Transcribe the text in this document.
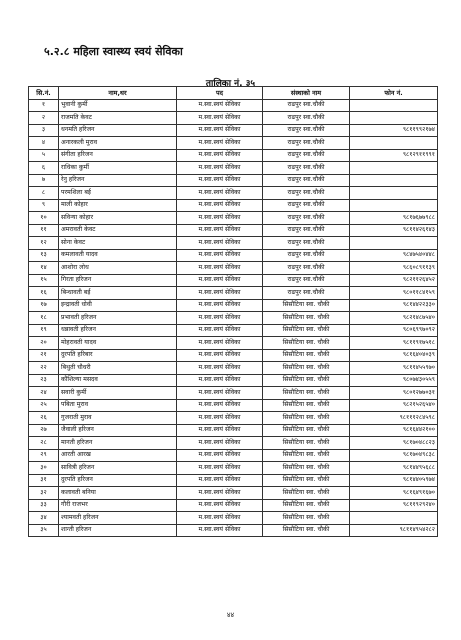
५.२.८ महिला स्वास्थ्य स्वयं सेविका
तालिका नं. ३५
सि.नं.	नाम,थर	पद	संस्थाको नाम	फोन नं.
१	भुवानी कुर्मी	म.स्वा.स्वयं सेविका	राढपुर स्वा.चौकी	
२	राजमति केवट	म.स्वा.स्वयं सेविका	राढपुर स्वा.चौकी	
३	धनमति हरिजन	म.स्वा.स्वयं सेविका	राढपुर स्वा.चौकी	९८११९९२१७४
४	अनारकली मुराव	म.स्वा.स्वयं सेविका	राढपुर स्वा.चौकी	
५	संगीता हरिजन	म.स्वा.स्वयं सेविका	राढपुर स्वा.चौकी	९८१२९११९९१
६	राधिका कुर्मी	म.स्वा.स्वयं सेविका	राढपुर स्वा.चौकी	
७	रेनु हरिजन	म.स्वा.स्वयं सेविका	राढपुर स्वा.चौकी	
८	परमशिला बर्ई	म.स्वा.स्वयं सेविका	राढपुर स्वा.चौकी	
९	माली कोहार	म.स्वा.स्वयं सेविका	राढपुर स्वा.चौकी	
१०	सविन्या कोहार	म.स्वा.स्वयं सेविका	राढपुर स्वा.चौकी	९८१७६७७९८८
११	अमरावती केवट	म.स्वा.स्वयं सेविका	राढपुर स्वा.चौकी	९८११४२६१४३
१२	सोना केवट	म.स्वा.स्वयं सेविका	राढपुर स्वा.चौकी	
१३	कमलावती यादव	म.स्वा.स्वयं सेविका	राढपुर स्वा.चौकी	९८४७५४०४४८
१४	आशोरा लोध	म.स्वा.स्वयं सेविका	राढपुर स्वा.चौकी	९८६०८९११३९
१५	गिरता हरिजन	म.स्वा.स्वयं सेविका	राढपुर स्वा.चौकी	९८२११२६४५२
१६	बिन्धावती बर्ई	म.स्वा.स्वयं सेविका	राढपुर स्वा.चौकी	९८०११८४१५९
१७	इन्द्रावती धोवी	म.स्वा.स्वयं सेविका	सिसौटिया स्वा. चौकी	९८१४४२२३३०
१८	प्रभावती हरिजन	म.स्वा.स्वयं सेविका	सिसौटिया स्वा. चौकी	९८२१४८७५४०
१९	धन्नावती हरिजन	म.स्वा.स्वयं सेविका	सिसौटिया स्वा. चौकी	९८०६९९७०९२
२०	मोहरावती यादव	म.स्वा.स्वयं सेविका	सिसौटिया स्वा. चौकी	९८११९१७५१८
२१	दुरपति हरिबार	म.स्वा.स्वयं सेविका	सिसौटिया स्वा. चौकी	९८१६४०४०३९
२२	बिथुती चौधरी	म.स्वा.स्वयं सेविका	सिसौटिया स्वा. चौकी	९८११४५५९७०
२३	कौशिल्या मसदव	म.स्वा.स्वयं सेविका	सिसौटिया स्वा. चौकी	९८०७४३०५५९
२४	सवारी कुर्मी	म.स्वा.स्वयं सेविका	सिसौटिया स्वा. चौकी	९८०१२७७०३१
२५	पबिता मुराव	म.स्वा.स्वयं सेविका	सिसौटिया स्वा. चौकी	९८२१५२६५४०
२६	गुजराती मुराव	म.स्वा.स्वयं सेविका	सिसौटिया स्वा. चौकी	९८१११२८४५९८
२७	जैवाली हरिजन	म.स्वा.स्वयं सेविका	सिसौटिया स्वा. चौकी	९८१६४४२१००
२८	मानती हरिजन	म.स्वा.स्वयं सेविका	सिसौटिया स्वा. चौकी	९८१७०४८८२३
२९	आरती आरख	म.स्वा.स्वयं सेविका	सिसौटिया स्वा. चौकी	९८१७०४९८३८
३०	सावित्री हरिजन	म.स्वा.स्वयं सेविका	सिसौटिया स्वा. चौकी	९८१४४९५६८८
३१	दुरपति हरिजन	म.स्वा.स्वयं सेविका	सिसौटिया स्वा. चौकी	९८१४४०५९७४
३२	कलावती बनिया	म.स्वा.स्वयं सेविका	सिसौटिया स्वा. चौकी	९८१६४९१६७०
३३	गौरी राजभर	म.स्वा.स्वयं सेविका	सिसौटिया स्वा. चौकी	९८११९२९२४०
३४	श्यामवती हरिजन	म.स्वा.स्वयं सेविका	सिसौटिया स्वा. चौकी	
३५	शान्ती हरिजन	म.स्वा.स्वयं सेविका	सिसौटिया स्वा. चौकी	९८११४९५४२८२
४४
